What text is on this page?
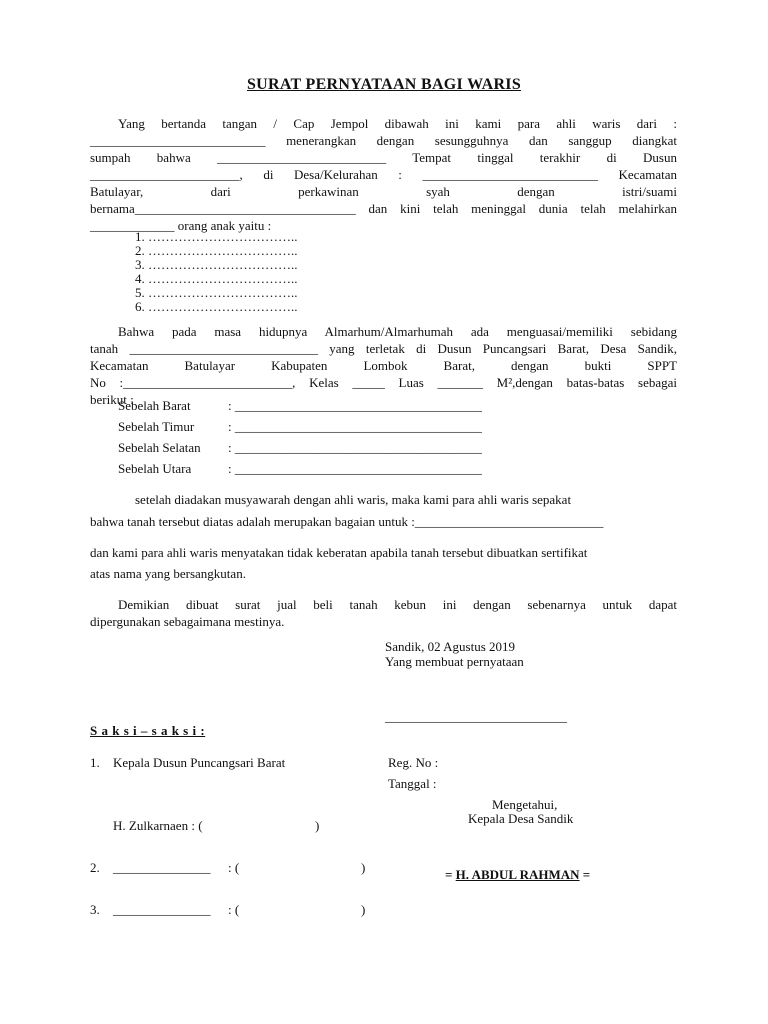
SURAT PERNYATAAN BAGI WARIS
Yang bertanda tangan / Cap Jempol dibawah ini kami para ahli waris dari :
___________________________ menerangkan dengan sesungguhnya dan sanggup diangkat
sumpah bahwa __________________________ Tempat tinggal terakhir di Dusun
_______________________, di Desa/Kelurahan : ___________________________ Kecamatan
Batulayar, dari perkawinan syah dengan istri/suami
bernama__________________________________ dan kini telah meninggal dunia telah melahirkan
_____________ orang anak yaitu :
1. ……………………………..
2. ……………………………..
3. ……………………………..
4. ……………………………..
5. ……………………………..
6. ……………………………..
Bahwa pada masa hidupnya Almarhum/Almarhumah ada menguasai/memiliki sebidang
tanah _____________________________ yang terletak di Dusun Puncangsari Barat, Desa Sandik,
Kecamatan Batulayar Kabupaten Lombok Barat, dengan bukti SPPT
No :__________________________, Kelas _____ Luas _______ M²,dengan batas-batas sebagai
berikut :
Sebelah Barat	: ______________________________________
Sebelah Timur	: ______________________________________
Sebelah Selatan : ______________________________________
Sebelah Utara	: ______________________________________
setelah diadakan musyawarah dengan ahli waris, maka kami para ahli waris sepakat
bahwa tanah tersebut diatas adalah merupakan bagaian untuk :_____________________________
dan kami para ahli waris menyatakan tidak keberatan apabila tanah tersebut dibuatkan sertifikat
atas nama yang bersangkutan.
Demikian dibuat surat jual beli tanah kebun ini dengan sebenarnya untuk dapat
dipergunakan sebagaimana mestinya.
Sandik, 02 Agustus 2019
Yang membuat pernyataan
____________________________
S a k s i – s a k s i :
1. Kepala Dusun Puncangsari Barat
H. Zulkarnaen : (	)
2. _______________ : (	)
3. _______________ : (	)
Reg. No :
Tanggal :
Mengetahui,
Kepala Desa Sandik
= H. ABDUL RAHMAN =
